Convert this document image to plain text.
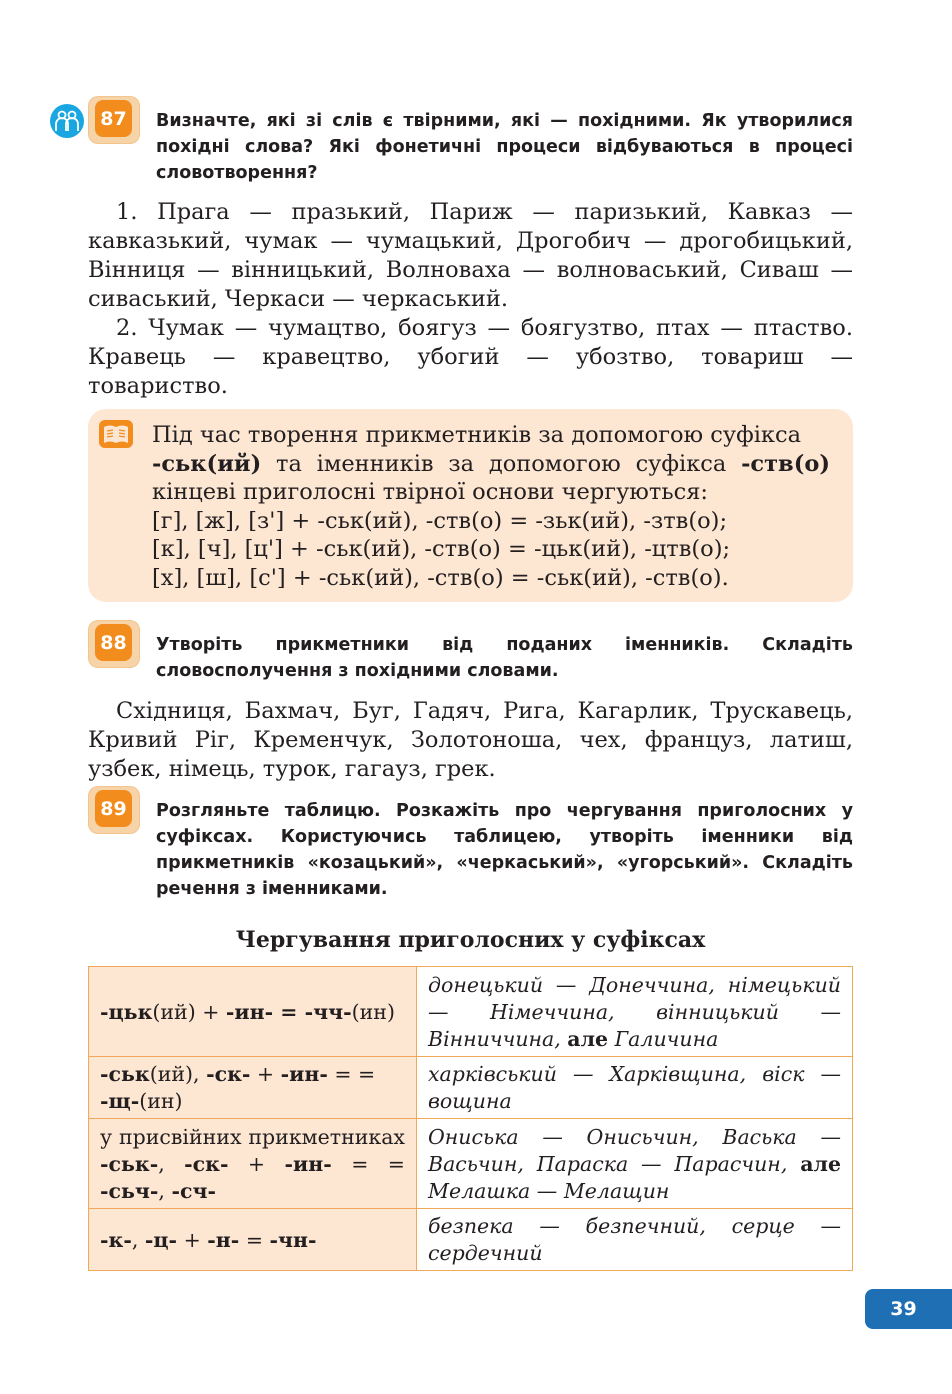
87	Визначте, які зі слів є твірними, які — похідними. Як утворилися похідні слова? Які фонетичні процеси відбуваються в процесі словотворення?

1. Прага — празький, Париж — паризький, Кавказ — кавказький, чумак — чумацький, Дрогобич — дрогобицький, Вінниця — вінницький, Волноваха — волноваський, Сиваш — сиваський, Черкаси — черкаський.

2. Чумак — чумацтво, боягуз — боягузтво, птах — птаство. Кравець — кравецтво, убогий — убозтво, товариш — товариство.

Під час творення прикметників за допомогою суфікса
-ськ(ий) та іменників за допомогою суфікса -ств(о)
кінцеві приголосні твірної основи чергуються:
[г], [ж], [з'] + -ськ(ий), -ств(о) = -зьк(ий), -зтв(о);
[к], [ч], [ц'] + -ськ(ий), -ств(о) = -цьк(ий), -цтв(о);
[х], [ш], [с'] + -ськ(ий), -ств(о) = -ськ(ий), -ств(о).
88	Утворіть прикметники від поданих іменників. Складіть словосполучення з похідними словами.

Східниця, Бахмач, Буг, Гадяч, Рига, Кагарлик, Трускавець, Кривий Ріг, Кременчук, Золотоноша, чех, француз, латиш, узбек, німець, турок, гагауз, грек.

89	Розгляньте таблицю. Розкажіть про чергування приголосних у суфіксах. Користуючись таблицею, утворіть іменники від прикметників «козацький», «черкаський», «угорський». Складіть речення з іменниками.
Чергування приголосних у суфіксах
-цьк(ий) + -ин- = -чч-(ин)	донецький — Донеччина, німецький — Німеччина, вінницький — Вінниччина, але Галичина
-ськ(ий), -ск- + -ин- = = -щ-(ин)	харківський — Харківщина, віск — вощина
у присвійних прикметниках -ськ-, -ск- + -ин- = = -сьч-, -сч-	Ониська — Онисьчин, Васька — Васьчин, Параска — Парасчин, але Мелашка — Мелащин
-к-, -ц- + -н- = -чн-	безпека — безпечний, серце — сердечний
39
